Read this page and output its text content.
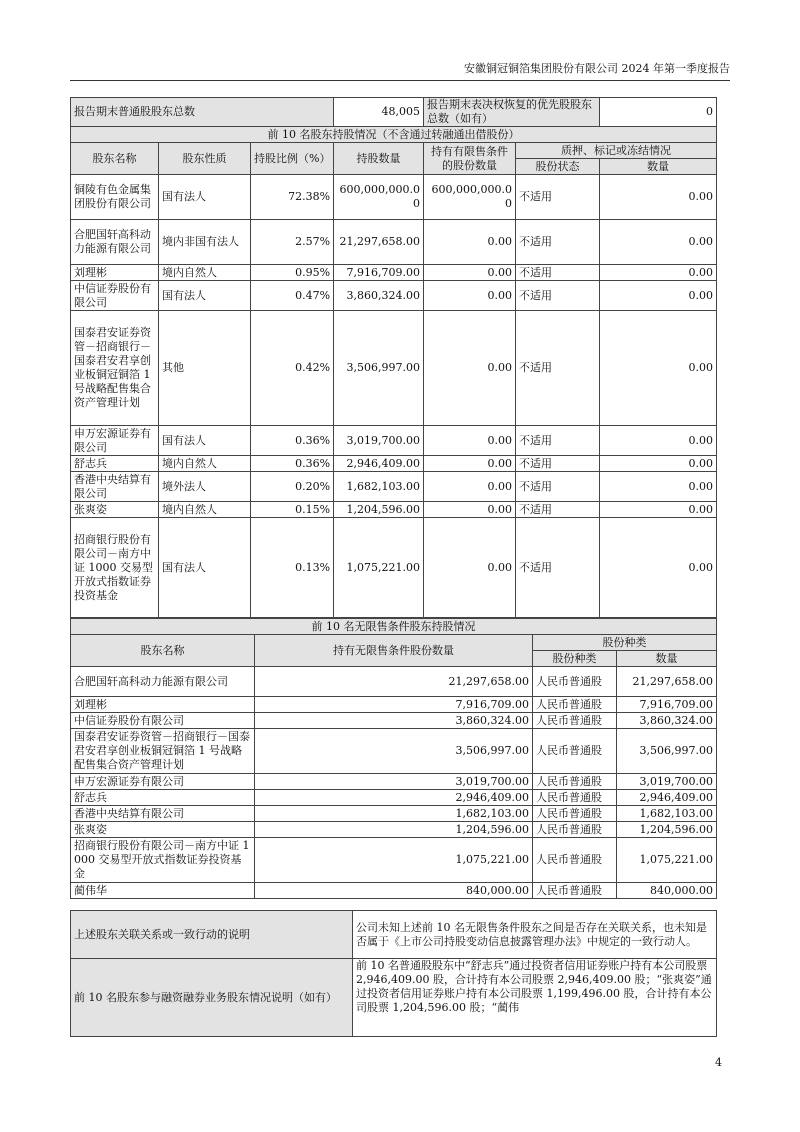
安徽铜冠铜箔集团股份有限公司 2024 年第一季度报告
报告期末普通股股东总数			48,005	报告期末表决权恢复的优先股股东总数（如有）		0
前 10 名股东持股情况（不含通过转融通出借股份）						
股东名称	股东性质	持股比例（%）	持股数量	持有有限售条件的股份数量	质押、标记或冻结情况	
					股份状态	数量
铜陵有色金属集团股份有限公司	国有法人	72.38%	600,000,000.00	600,000,000.00	不适用	0.00
合肥国轩高科动力能源有限公司	境内非国有法人	2.57%	21,297,658.00	0.00	不适用	0.00
刘理彬	境内自然人	0.95%	7,916,709.00	0.00	不适用	0.00
中信证券股份有限公司	国有法人	0.47%	3,860,324.00	0.00	不适用	0.00
国泰君安证券资管－招商银行－国泰君安君享创业板铜冠铜箔 1 号战略配售集合资产管理计划	其他	0.42%	3,506,997.00	0.00	不适用	0.00
申万宏源证券有限公司	国有法人	0.36%	3,019,700.00	0.00	不适用	0.00
舒志兵	境内自然人	0.36%	2,946,409.00	0.00	不适用	0.00
香港中央结算有限公司	境外法人	0.20%	1,682,103.00	0.00	不适用	0.00
张爽姿	境内自然人	0.15%	1,204,596.00	0.00	不适用	0.00
招商银行股份有限公司－南方中证 1000 交易型开放式指数证券投资基金	国有法人	0.13%	1,075,221.00	0.00	不适用	0.00
前 10 名无限售条件股东持股情况			
股东名称	持有无限售条件股份数量	股份种类	
		股份种类	数量
合肥国轩高科动力能源有限公司	21,297,658.00	人民币普通股	21,297,658.00
刘理彬	7,916,709.00	人民币普通股	7,916,709.00
中信证券股份有限公司	3,860,324.00	人民币普通股	3,860,324.00
国泰君安证券资管－招商银行－国泰君安君享创业板铜冠铜箔 1 号战略配售集合资产管理计划	3,506,997.00	人民币普通股	3,506,997.00
申万宏源证券有限公司	3,019,700.00	人民币普通股	3,019,700.00
舒志兵	2,946,409.00	人民币普通股	2,946,409.00
香港中央结算有限公司	1,682,103.00	人民币普通股	1,682,103.00
张爽姿	1,204,596.00	人民币普通股	1,204,596.00
招商银行股份有限公司－南方中证 1000 交易型开放式指数证券投资基金	1,075,221.00	人民币普通股	1,075,221.00
蔺伟华	840,000.00	人民币普通股	840,000.00
上述股东关联关系或一致行动的说明	公司未知上述前 10 名无限售条件股东之间是否存在关联关系，也未知是否属于《上市公司持股变动信息披露管理办法》中规定的一致行动人。
前 10 名股东参与融资融券业务股东情况说明（如有）	前 10 名普通股股东中“舒志兵”通过投资者信用证券账户持有本公司股票 2,946,409.00 股，合计持有本公司股票 2,946,409.00 股；“张爽姿”通过投资者信用证券账户持有本公司股票 1,199,496.00 股，合计持有本公司股票 1,204,596.00 股；“蔺伟
4
